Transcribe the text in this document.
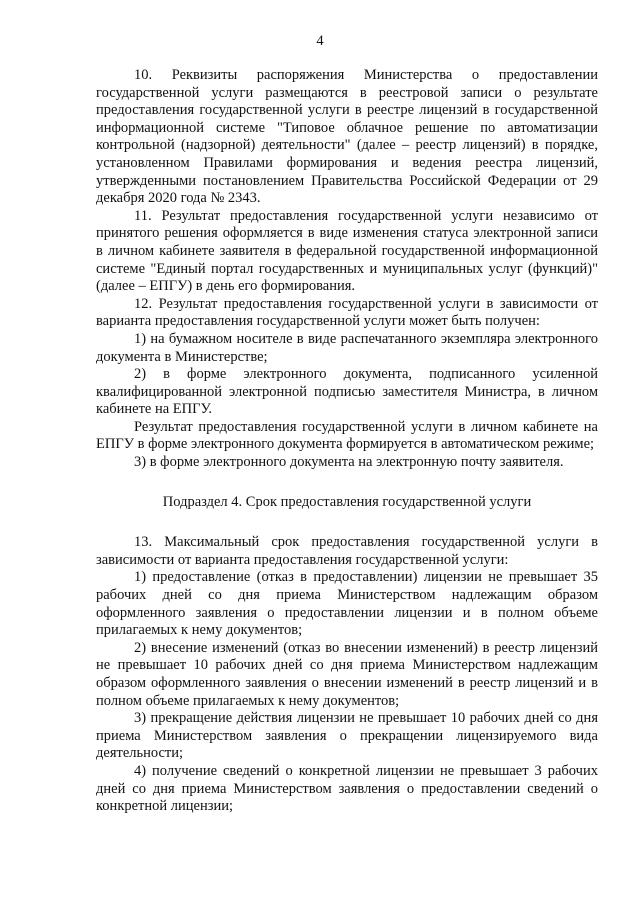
4

10. Реквизиты распоряжения Министерства о предоставлении государственной услуги размещаются в реестровой записи о результате предоставления государственной услуги в реестре лицензий в государственной информационной системе "Типовое облачное решение по автоматизации контрольной (надзорной) деятельности" (далее – реестр лицензий) в порядке, установленном Правилами формирования и ведения реестра лицензий, утвержденными постановлением Правительства Российской Федерации от 29 декабря 2020 года № 2343.

11. Результат предоставления государственной услуги независимо от принятого решения оформляется в виде изменения статуса электронной записи в личном кабинете заявителя в федеральной государственной информационной системе "Единый портал государственных и муниципальных услуг (функций)" (далее – ЕПГУ) в день его формирования.

12. Результат предоставления государственной услуги в зависимости от варианта предоставления государственной услуги может быть получен:

1) на бумажном носителе в виде распечатанного экземпляра электронного документа в Министерстве;

2) в форме электронного документа, подписанного усиленной квалифицированной электронной подписью заместителя Министра, в личном кабинете на ЕПГУ.

Результат предоставления государственной услуги в личном кабинете на ЕПГУ в форме электронного документа формируется в автоматическом режиме;

3) в форме электронного документа на электронную почту заявителя.

Подраздел 4. Срок предоставления государственной услуги

13. Максимальный срок предоставления государственной услуги в зависимости от варианта предоставления государственной услуги:

1) предоставление (отказ в предоставлении) лицензии не превышает 35 рабочих дней со дня приема Министерством надлежащим образом оформленного заявления о предоставлении лицензии и в полном объеме прилагаемых к нему документов;

2) внесение изменений (отказ во внесении изменений) в реестр лицензий не превышает 10 рабочих дней со дня приема Министерством надлежащим образом оформленного заявления о внесении изменений в реестр лицензий и в полном объеме прилагаемых к нему документов;

3) прекращение действия лицензии не превышает 10 рабочих дней со дня приема Министерством заявления о прекращении лицензируемого вида деятельности;

4) получение сведений о конкретной лицензии не превышает 3 рабочих дней со дня приема Министерством заявления о предоставлении сведений о конкретной лицензии;
